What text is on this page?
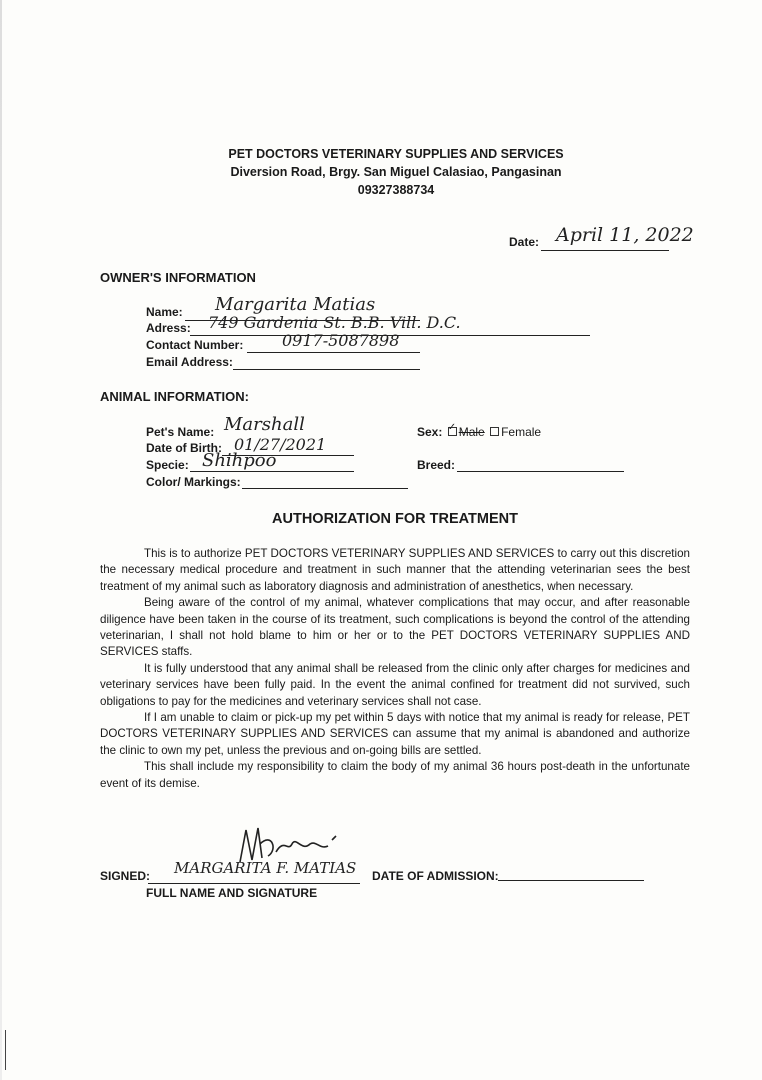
PET DOCTORS VETERINARY SUPPLIES AND SERVICES
Diversion Road, Brgy. San Miguel Calasiao, Pangasinan
09327388734
Date: April 11, 2022
OWNER'S INFORMATION
Name: Margarita Matias
Adress: 749 Gardenia St. B.B. Vill. D.C.
Contact Number: 0917-5087898
Email Address:
ANIMAL INFORMATION:
Pet's Name: Marshall
Date of Birth: 01/27/2021
Specie: Shihpoo
Color/ Markings:
Sex: ✓ Male Female
Breed:
AUTHORIZATION FOR TREATMENT

This is to authorize PET DOCTORS VETERINARY SUPPLIES AND SERVICES to carry out this discretion the necessary medical procedure and treatment in such manner that the attending veterinarian sees the best treatment of my animal such as laboratory diagnosis and administration of anesthetics, when necessary.

Being aware of the control of my animal, whatever complications that may occur, and after reasonable diligence have been taken in the course of its treatment, such complications is beyond the control of the attending veterinarian, I shall not hold blame to him or her or to the PET DOCTORS VETERINARY SUPPLIES AND SERVICES staffs.

It is fully understood that any animal shall be released from the clinic only after charges for medicines and veterinary services have been fully paid. In the event the animal confined for treatment did not survived, such obligations to pay for the medicines and veterinary services shall not case.

If I am unable to claim or pick-up my pet within 5 days with notice that my animal is ready for release, PET DOCTORS VETERINARY SUPPLIES AND SERVICES can assume that my animal is abandoned and authorize the clinic to own my pet, unless the previous and on-going bills are settled.

This shall include my responsibility to claim the body of my animal 36 hours post-death in the unfortunate event of its demise.

SIGNED: MARGARITA F. MATIAS
FULL NAME AND SIGNATURE
DATE OF ADMISSION:
